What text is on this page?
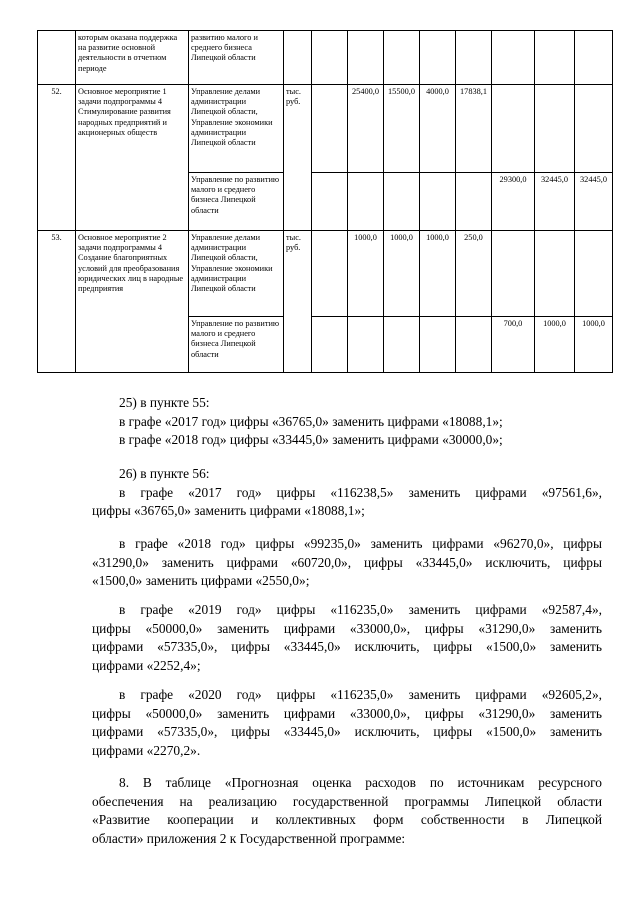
	которым оказана поддержка на развитие основной деятельности в отчетном периоде	развитию малого и среднего бизнеса Липецкой области									
52.	Основное мероприятие 1 задачи подпрограммы 4 Стимулирование развития народных предприятий и акционерных обществ	Управление делами администрации Липецкой области, Управление экономики администрации Липецкой области	тыс. руб.		25400,0	15500,0	4000,0	17838,1			
		Управление по развитию малого и среднего бизнеса Липецкой области							29300,0	32445,0	32445,0
53.	Основное мероприятие 2 задачи подпрограммы 4 Создание благоприятных условий для преобразования юридических лиц в народные предприятия	Управление делами администрации Липецкой области, Управление экономики администрации Липецкой области	тыс. руб.		1000,0	1000,0	1000,0	250,0			
		Управление по развитию малого и среднего бизнеса Липецкой области							700,0	1000,0	1000,0
25) в пункте 55:
в графе «2017 год» цифры «36765,0» заменить цифрами «18088,1»;
в графе «2018 год» цифры «33445,0» заменить цифрами «30000,0»;
26) в пункте 56:
в графе «2017 год» цифры «116238,5» заменить цифрами «97561,6»,
цифры «36765,0» заменить цифрами «18088,1»;
в графе «2018 год» цифры «99235,0» заменить цифрами «96270,0», цифры
«31290,0» заменить цифрами «60720,0», цифры «33445,0» исключить, цифры
«1500,0» заменить цифрами «2550,0»;
в графе «2019 год» цифры «116235,0» заменить цифрами «92587,4»,
цифры «50000,0» заменить цифрами «33000,0», цифры «31290,0» заменить
цифрами «57335,0», цифры «33445,0» исключить, цифры «1500,0» заменить
цифрами «2252,4»;
в графе «2020 год» цифры «116235,0» заменить цифрами «92605,2»,
цифры «50000,0» заменить цифрами «33000,0», цифры «31290,0» заменить
цифрами «57335,0», цифры «33445,0» исключить, цифры «1500,0» заменить
цифрами «2270,2».
8. В таблице «Прогнозная оценка расходов по источникам ресурсного
обеспечения на реализацию государственной программы Липецкой области
«Развитие кооперации и коллективных форм собственности в Липецкой
области» приложения 2 к Государственной программе:
